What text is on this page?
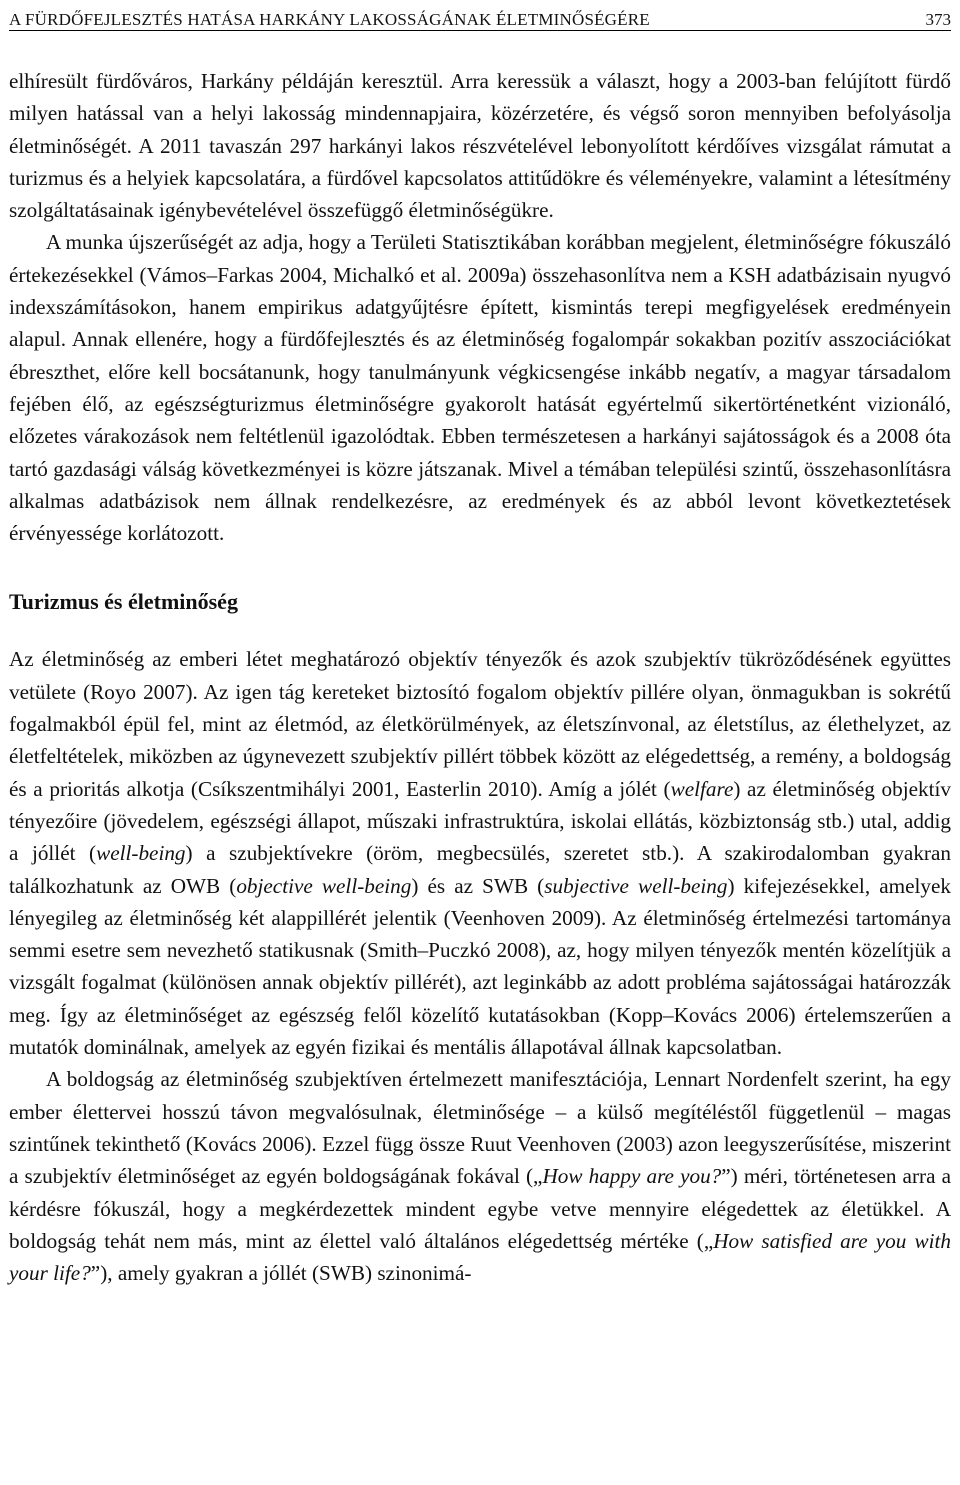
A FÜRDŐFEJLESZTÉS HATÁSA HARKÁNY LAKOSSÁGÁNAK ÉLETMINŐSÉGÉRE	373

elhíresült fürdőváros, Harkány példáján keresztül. Arra keressük a választ, hogy a 2003-ban felújított fürdő milyen hatással van a helyi lakosság mindennapjaira, közérzetére, és végső soron mennyiben befolyásolja életminőségét. A 2011 tavaszán 297 harkányi lakos részvételével lebonyolított kérdőíves vizsgálat rámutat a turizmus és a helyiek kapcsolatára, a fürdővel kapcsolatos attitűdökre és véleményekre, valamint a létesítmény szolgáltatásainak igénybevételével összefüggő életminőségükre.

A munka újszerűségét az adja, hogy a Területi Statisztikában korábban megjelent, életminőségre fókuszáló értekezésekkel (Vámos–Farkas 2004, Michalkó et al. 2009a) összehasonlítva nem a KSH adatbázisain nyugvó indexszámításokon, hanem empirikus adatgyűjtésre épített, kismintás terepi megfigyelések eredményein alapul. Annak ellenére, hogy a fürdőfejlesztés és az életminőség fogalompár sokakban pozitív asszociációkat ébreszthet, előre kell bocsátanunk, hogy tanulmányunk végkicsengése inkább negatív, a magyar társadalom fejében élő, az egészségturizmus életminőségre gyakorolt hatását egyértelmű sikertörténetként vizionáló, előzetes várakozások nem feltétlenül igazolódtak. Ebben természetesen a harkányi sajátosságok és a 2008 óta tartó gazdasági válság következményei is közre játszanak. Mivel a témában települési szintű, összehasonlításra alkalmas adatbázisok nem állnak rendelkezésre, az eredmények és az abból levont következtetések érvényessége korlátozott.

Turizmus és életminőség

Az életminőség az emberi létet meghatározó objektív tényezők és azok szubjektív tükröződésének együttes vetülete (Royo 2007). Az igen tág kereteket biztosító fogalom objektív pillére olyan, önmagukban is sokrétű fogalmakból épül fel, mint az életmód, az életkörülmények, az életszínvonal, az életstílus, az élethelyzet, az életfeltételek, miközben az úgynevezett szubjektív pillért többek között az elégedettség, a remény, a boldogság és a prioritás alkotja (Csíkszentmihályi 2001, Easterlin 2010). Amíg a jólét (welfare) az életminőség objektív tényezőire (jövedelem, egészségi állapot, műszaki infrastruktúra, iskolai ellátás, közbiztonság stb.) utal, addig a jóllét (well-being) a szubjektívekre (öröm, megbecsülés, szeretet stb.). A szakirodalomban gyakran találkozhatunk az OWB (objective well-being) és az SWB (subjective well-being) kifejezésekkel, amelyek lényegileg az életminőség két alappillérét jelentik (Veenhoven 2009). Az életminőség értelmezési tartománya semmi esetre sem nevezhető statikusnak (Smith–Puczkó 2008), az, hogy milyen tényezők mentén közelítjük a vizsgált fogalmat (különösen annak objektív pillérét), azt leginkább az adott probléma sajátosságai határozzák meg. Így az életminőséget az egészség felől közelítő kutatásokban (Kopp–Kovács 2006) értelemszerűen a mutatók dominálnak, amelyek az egyén fizikai és mentális állapotával állnak kapcsolatban.

A boldogság az életminőség szubjektíven értelmezett manifesztációja, Lennart Nordenfelt szerint, ha egy ember élettervei hosszú távon megvalósulnak, életminősége – a külső megítéléstől függetlenül – magas szintűnek tekinthető (Kovács 2006). Ezzel függ össze Ruut Veenhoven (2003) azon leegyszerűsítése, miszerint a szubjektív életminőséget az egyén boldogságának fokával („How happy are you?”) méri, történetesen arra a kérdésre fókuszál, hogy a megkérdezettek mindent egybe vetve mennyire elégedettek az életükkel. A boldogság tehát nem más, mint az élettel való általános elégedettség mértéke („How satisfied are you with your life?”), amely gyakran a jóllét (SWB) szinonimá-
